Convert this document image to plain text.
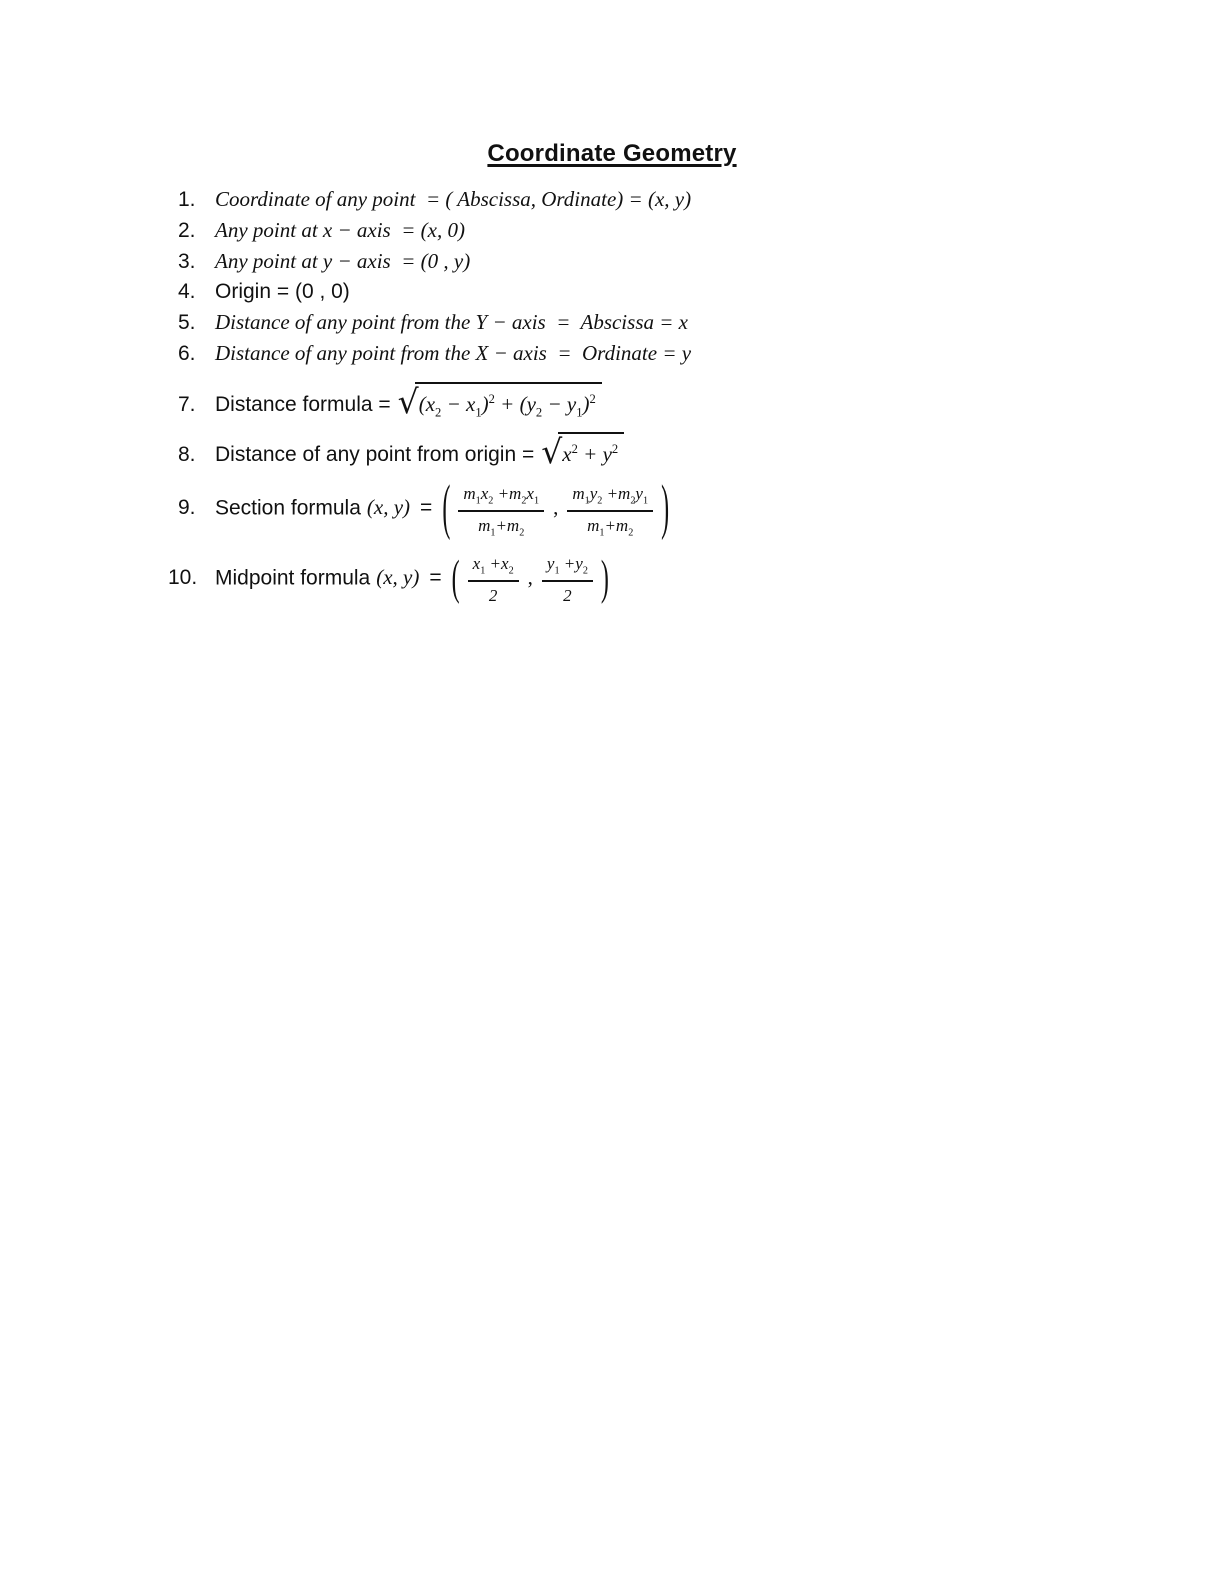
Coordinate Geometry
1. Coordinate of any point  = ( Abscissa, Ordinate) = (x, y)
2. Any point at x − axis  = (x, 0)
3. Any point at y − axis  = (0 , y)
4. Origin = (0 , 0)
5. Distance of any point from the Y − axis  =  Abscissa = x
6. Distance of any point from the X − axis  =  Ordinate = y
7. Distance formula = $√(x_2 - x_1)^2 + (y_2 - y_1)^2$
8. Distance of any point from origin = $√x^2 + y^2$
9. Section formula (x, y) = ( $\frac{m_1x_2 +m_2x_1}{m_1+m_2}$ , $\frac{m_1y_2 +m_2y_1}{m_1+m_2}$ )
10. Midpoint formula (x, y) = ( $\frac{x_1 +x_2}{2}$ , $\frac{y_1 +y_2}{2}$ )
